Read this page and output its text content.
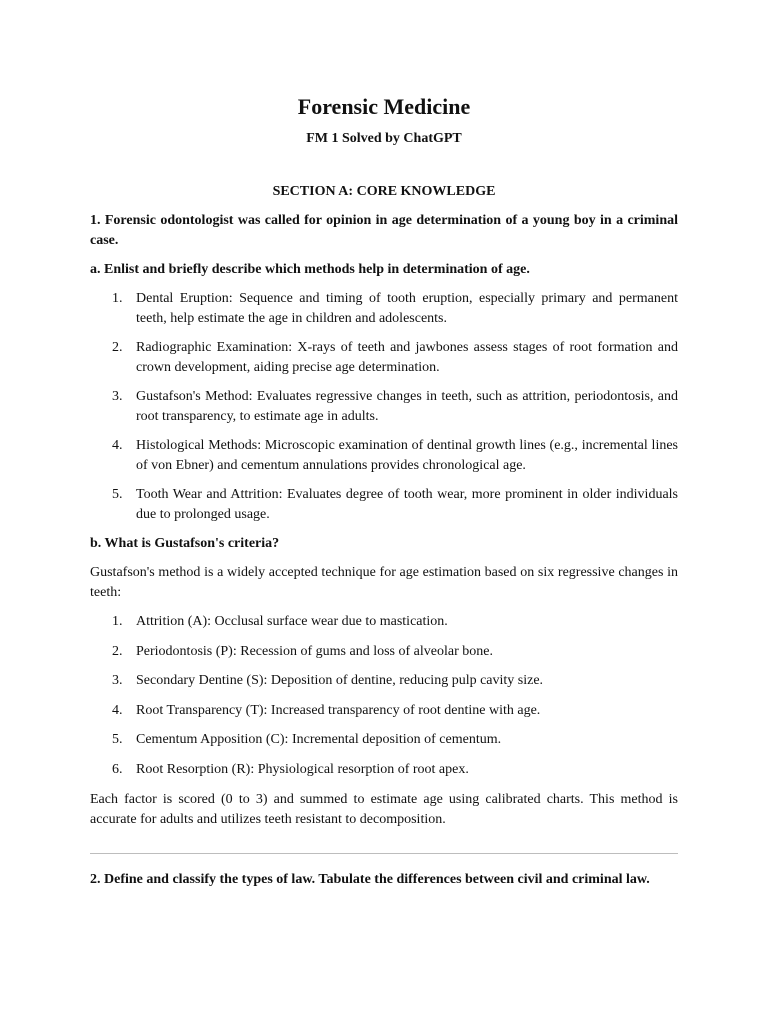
Forensic Medicine

FM 1 Solved by ChatGPT

SECTION A: CORE KNOWLEDGE

1. Forensic odontologist was called for opinion in age determination of a young boy in a criminal case.

a. Enlist and briefly describe which methods help in determination of age.

1. Dental Eruption: Sequence and timing of tooth eruption, especially primary and permanent teeth, help estimate the age in children and adolescents.
2. Radiographic Examination: X-rays of teeth and jawbones assess stages of root formation and crown development, aiding precise age determination.
3. Gustafson's Method: Evaluates regressive changes in teeth, such as attrition, periodontosis, and root transparency, to estimate age in adults.
4. Histological Methods: Microscopic examination of dentinal growth lines (e.g., incremental lines of von Ebner) and cementum annulations provides chronological age.
5. Tooth Wear and Attrition: Evaluates degree of tooth wear, more prominent in older individuals due to prolonged usage.

b. What is Gustafson's criteria?

Gustafson's method is a widely accepted technique for age estimation based on six regressive changes in teeth:

1. Attrition (A): Occlusal surface wear due to mastication.
2. Periodontosis (P): Recession of gums and loss of alveolar bone.
3. Secondary Dentine (S): Deposition of dentine, reducing pulp cavity size.
4. Root Transparency (T): Increased transparency of root dentine with age.
5. Cementum Apposition (C): Incremental deposition of cementum.
6. Root Resorption (R): Physiological resorption of root apex.

Each factor is scored (0 to 3) and summed to estimate age using calibrated charts. This method is accurate for adults and utilizes teeth resistant to decomposition.

2. Define and classify the types of law. Tabulate the differences between civil and criminal law.
